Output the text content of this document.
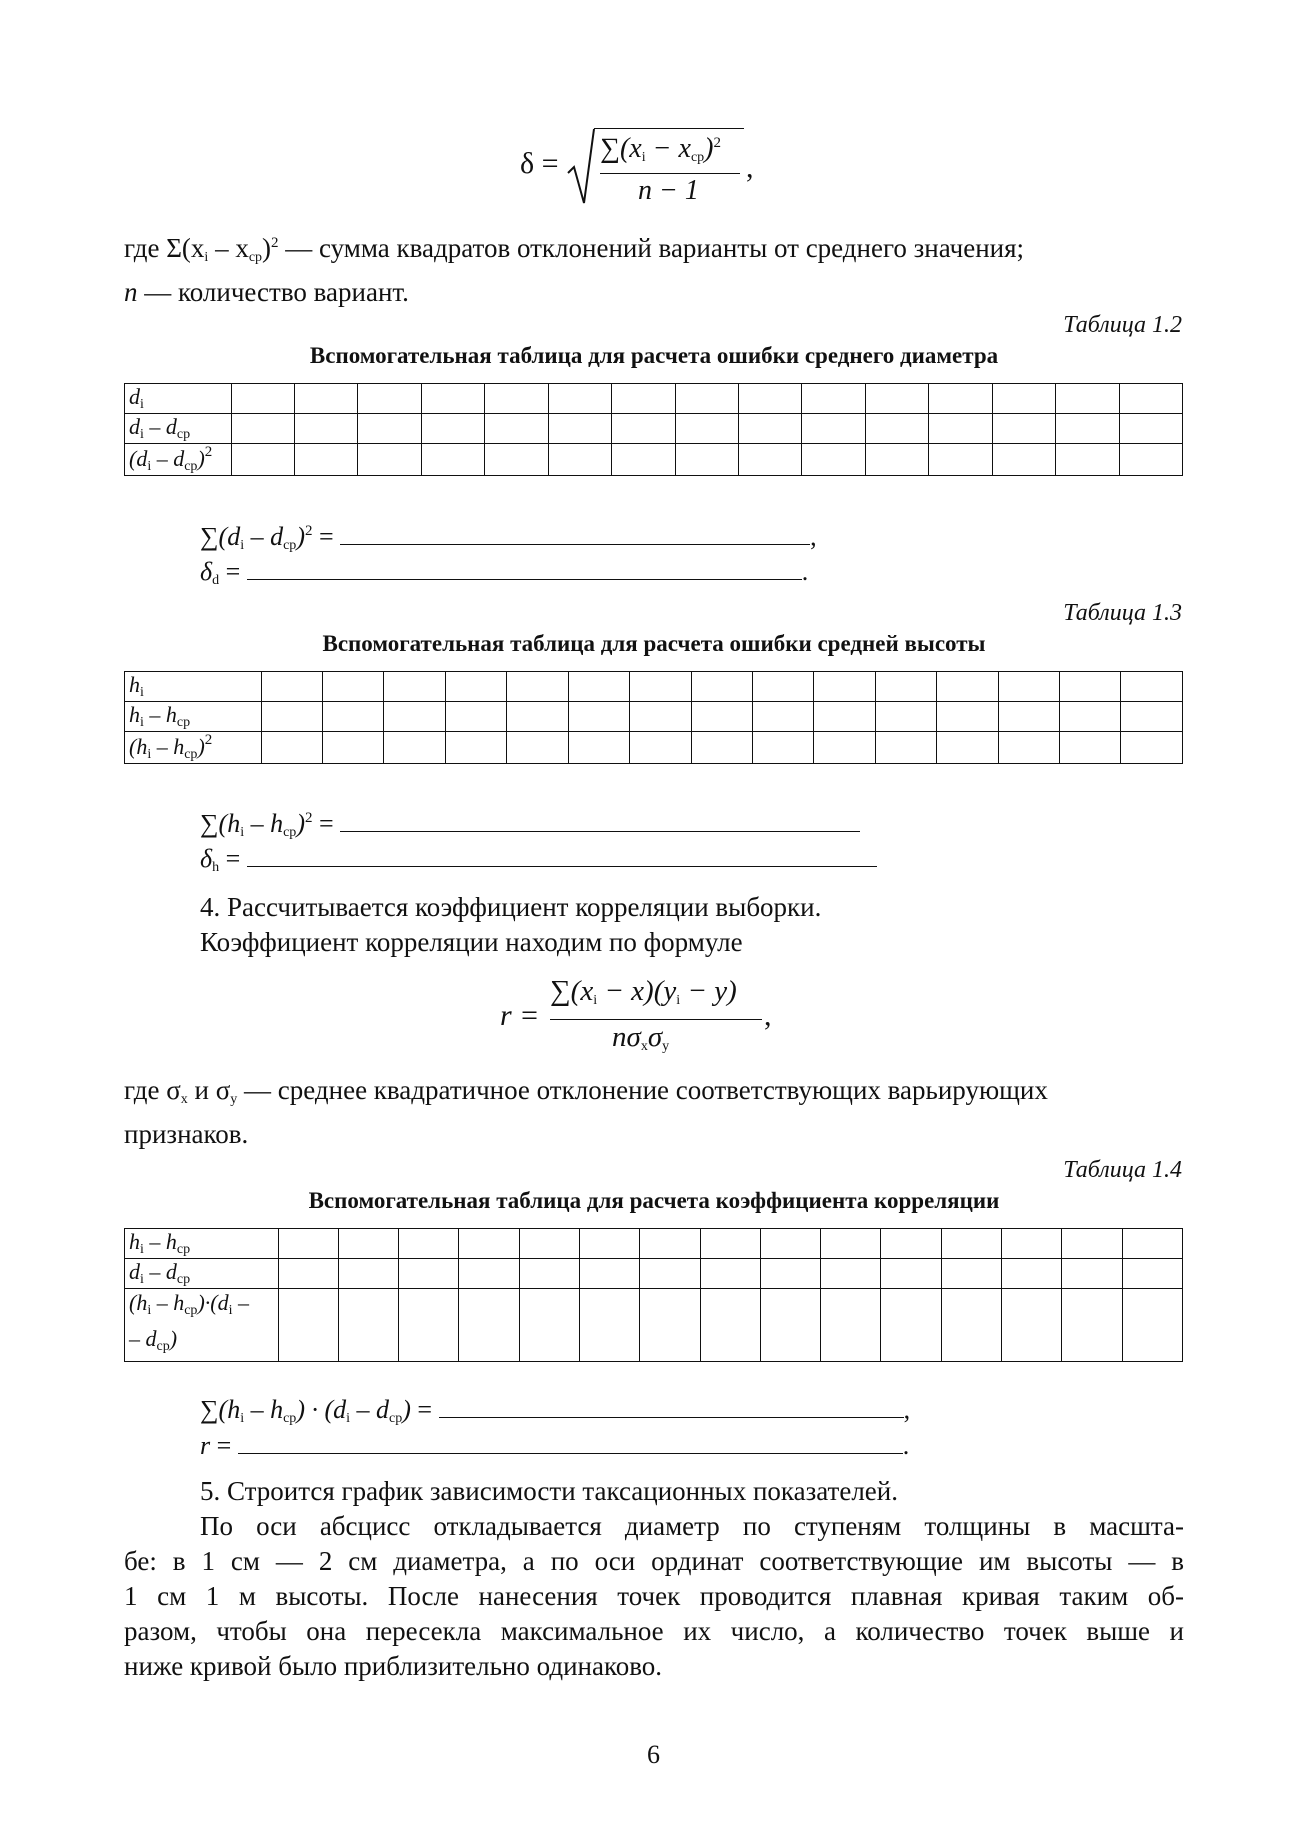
$\delta = \sum(x_i - x_{cp})^2$
n − 1
,
где $\Sigma(x_i - x_{ср})^2$ — сумма квадратов отклонений варианты от среднего значения;
n — количество вариант.
Таблица 1.2
Вспомогательная таблица для расчета ошибки среднего диаметра
$d_i$															
$d_i - d_{ср}$															
$(d_i - d_{ср})^2$															
$\sum(d_i - d_{ср})^2$ =	,
$\delta_d$ =	.
Таблица 1.3
Вспомогательная таблица для расчета ошибки средней высоты
$h_i$															
$h_i - h_{ср}$															
$(h_i - h_{ср})^2$															
$\sum(h_i - h_{ср})^2$ =
$\delta_h$ =
4. Рассчитывается коэффициент корреляции выборки.
Коэффициент корреляции находим по формуле
r =
$\sum(x_i - x)(y_i - y)$
$n\sigma_x\sigma_y$
,
где $\sigma_x$ и $\sigma_y$ — среднее квадратичное отклонение соответствующих варьирующих
признаков.
Таблица 1.4
Вспомогательная таблица для расчета коэффициента корреляции
$h_i - h_{ср}$															
$d_i - d_{ср}$															
$(h_i - h_{ср})\cdot(d_i$ –
– $d_{ср}$)															
$\sum(h_i - h_{ср}) \cdot (d_i - d_{ср})$ =	,
r =	.
5. Строится график зависимости таксационных показателей.
По оси абсцисс откладывается диаметр по ступеням толщины в масшта-
бе: в 1 см — 2 см диаметра, а по оси ординат соответствующие им высоты — в
1 см 1 м высоты. После нанесения точек проводится плавная кривая таким об-
разом, чтобы она пересекла максимальное их число, а количество точек выше и
ниже кривой было приблизительно одинаково.
6
